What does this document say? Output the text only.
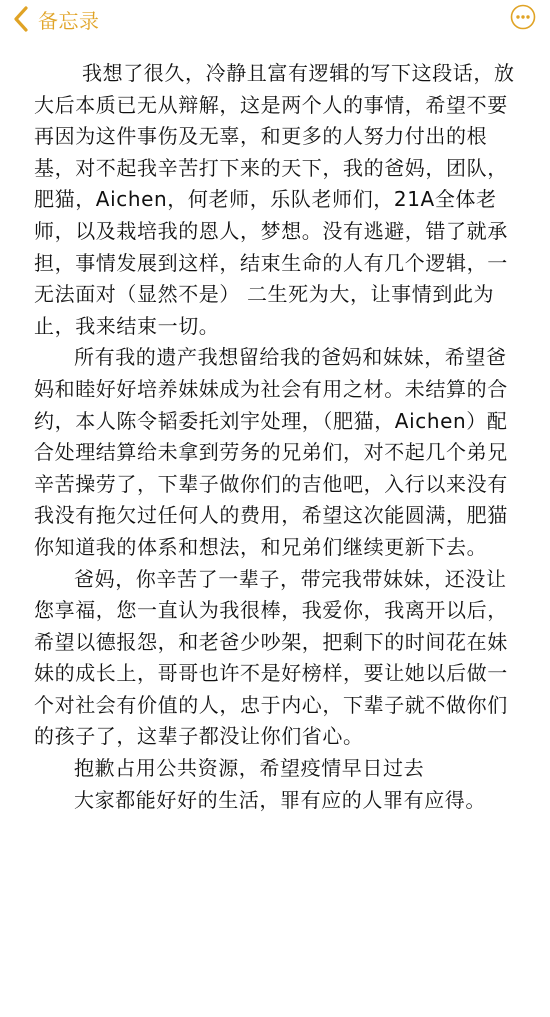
备忘录

我想了很久，冷静且富有逻辑的写下这段话，放大后本质已无从辩解，这是两个人的事情，希望不要再因为这件事伤及无辜，和更多的人努力付出的根基，对不起我辛苦打下来的天下，我的爸妈，团队，肥猫，Aichen，何老师，乐队老师们，21A全体老师，以及栽培我的恩人，梦想。没有逃避，错了就承担，事情发展到这样，结束生命的人有几个逻辑，一无法面对（显然不是） 二生死为大，让事情到此为止，我来结束一切。

所有我的遗产我想留给我的爸妈和妹妹，希望爸妈和睦好好培养妹妹成为社会有用之材。未结算的合约，本人陈令韬委托刘宇处理，（肥猫，Aichen）配合处理结算给未拿到劳务的兄弟们，对不起几个弟兄辛苦操劳了，下辈子做你们的吉他吧，入行以来没有我没有拖欠过任何人的费用，希望这次能圆满，肥猫你知道我的体系和想法，和兄弟们继续更新下去。

爸妈，你辛苦了一辈子，带完我带妹妹，还没让您享福，您一直认为我很棒，我爱你，我离开以后，希望以德报怨，和老爸少吵架，把剩下的时间花在妹妹的成长上，哥哥也许不是好榜样，要让她以后做一个对社会有价值的人，忠于内心，下辈子就不做你们的孩子了，这辈子都没让你们省心。

抱歉占用公共资源，希望疫情早日过去

大家都能好好的生活，罪有应的人罪有应得。
